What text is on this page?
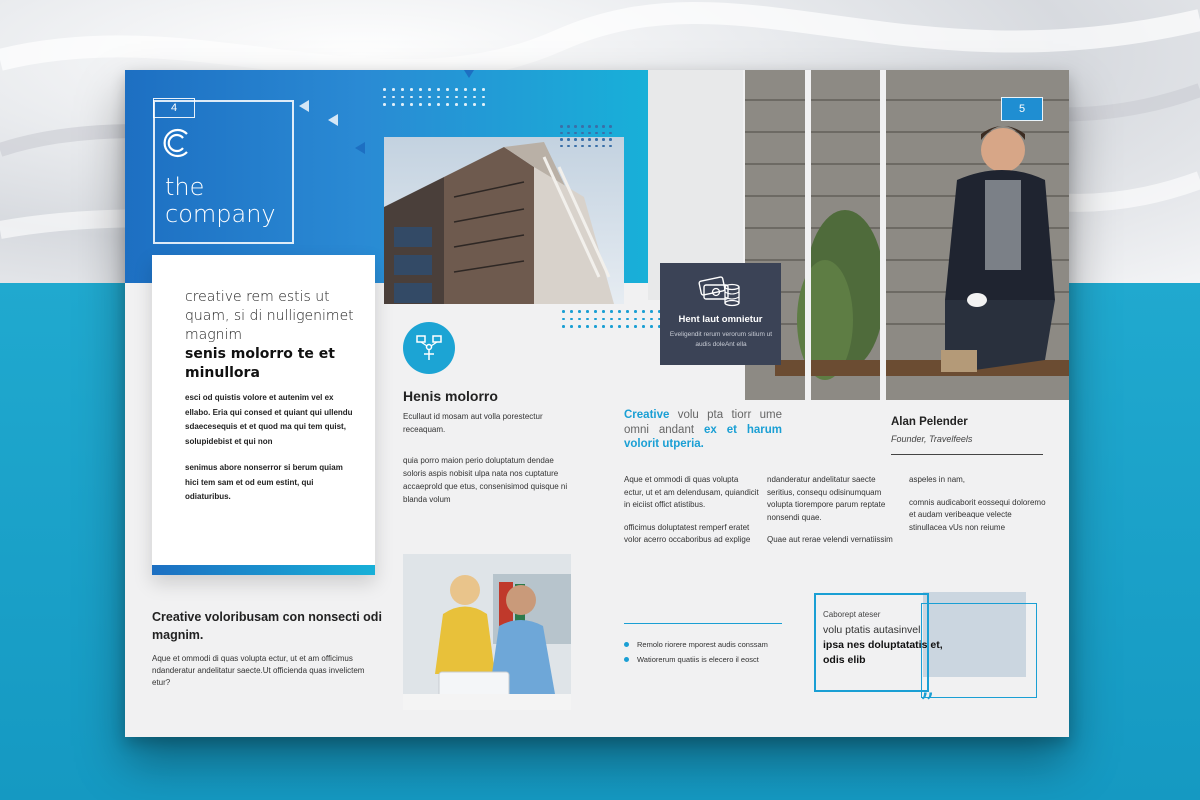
4
the
company
creative rem estis ut quam, si di nulligenimet magnim
senis molorro te et minullora
esci od quistis volore et autenim vel ex ellabo. Eria qui consed et quiant qui ullendu sdaecesequis et et quod ma qui tem quist, solupidebist et qui non
senimus abore nonserror si berum quiam hici tem sam et od eum estint, qui odiaturibus.
Henis molorro
Ecullaut id mosam aut volla porestectur receaquam.
quia porro maion perio doluptatum dendae soloris aspis nobisit ulpa nata nos cuptature accaeprold que etus, consenisimod quisque ni blanda volum
Creative voloribusam con nonsecti odi magnim.
Aque et ommodi di quas volupta ectur, ut et am officimus ndanderatur andelitatur saecte.Ut officienda quas invelictem etur?
5
Hent laut omnietur
Eveligendit rerum verorum sitium ut audis doleAnt ella
Creative volu pta tiorr ume omni andant ex et harum volorit utperia.
Aque et ommodi di quas volupta ectur, ut et am delendusam, quiandicit in eiciist offict atistibus.
officimus doluptatest remperf eratet volor acerro occaboribus ad explige
ndanderatur andelitatur saecte seritius, consequ odisinumquam volupta tiorempore parum reptate nonsendi quae.
Quae aut rerae velendi vernatiissim
aspeles in nam,
comnis audicaborit eossequi doloremo et audam veribeaque velecte stinullacea vUs non reiume
Alan Pelender
Founder, Travelfeels
Remolo riorere mporest audis conssam
Watiorerum quatiis is elecero il eosct
Caborept ateser
volu ptatis autasinvel
ipsa nes doluptatatis et, odis elib
”
